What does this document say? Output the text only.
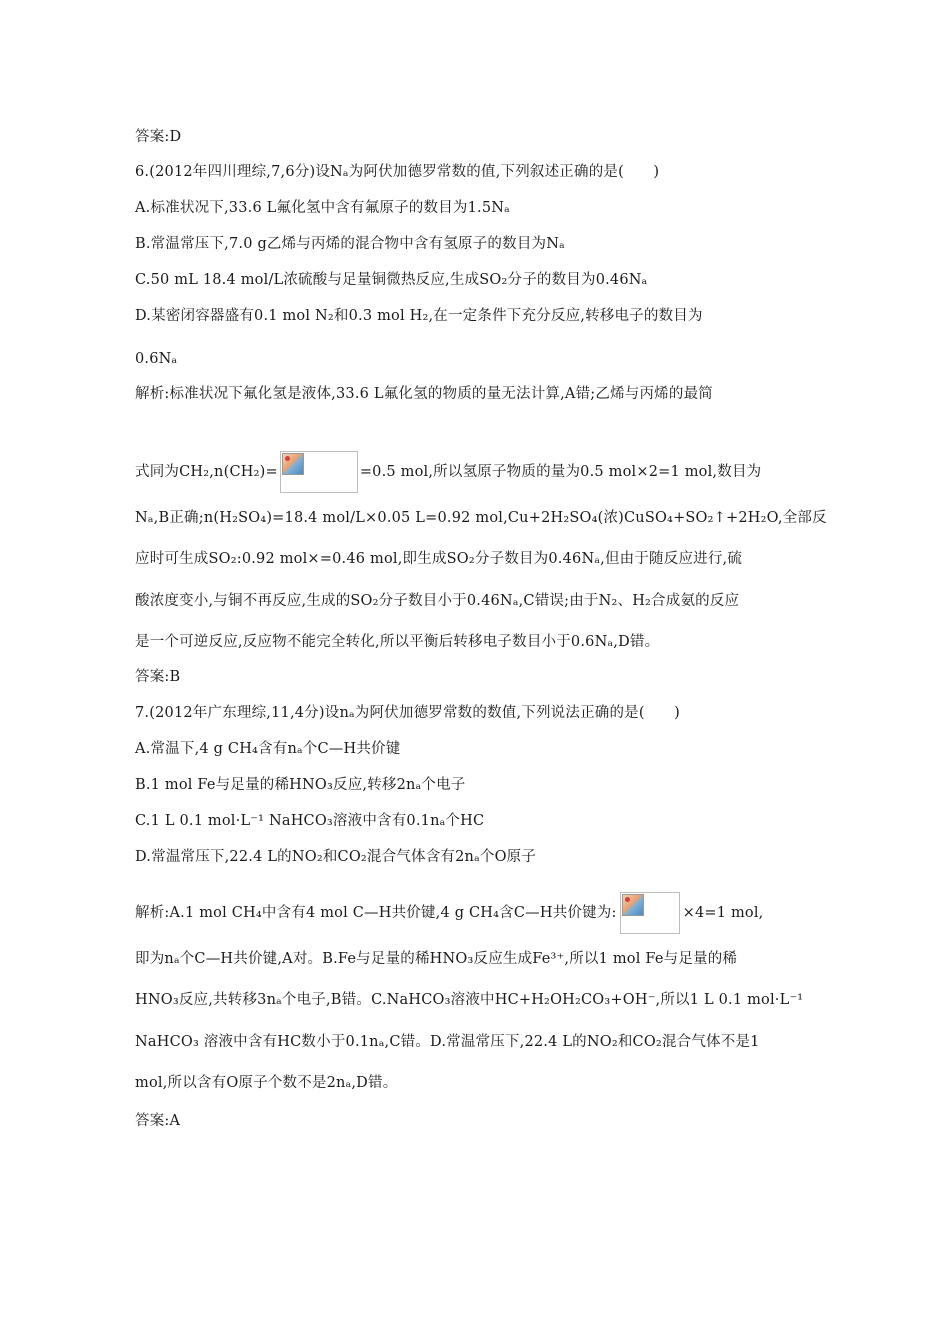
答案:D
6.(2012年四川理综,7,6分)设Nₐ为阿伏加德罗常数的值,下列叙述正确的是(　　)
A.标准状况下,33.6 L氟化氢中含有氟原子的数目为1.5Nₐ
B.常温常压下,7.0 g乙烯与丙烯的混合物中含有氢原子的数目为Nₐ
C.50 mL 18.4 mol/L浓硫酸与足量铜微热反应,生成SO₂分子的数目为0.46Nₐ
D.某密闭容器盛有0.1 mol N₂和0.3 mol H₂,在一定条件下充分反应,转移电子的数目为
0.6Nₐ
解析:标准状况下氟化氢是液体,33.6 L氟化氢的物质的量无法计算,A错;乙烯与丙烯的最简
式同为CH₂,n(CH₂)=	=0.5 mol,所以氢原子物质的量为0.5 mol×2=1 mol,数目为
Nₐ,B正确;n(H₂SO₄)=18.4 mol/L×0.05 L=0.92 mol,Cu+2H₂SO₄(浓)CuSO₄+SO₂↑+2H₂O,全部反
应时可生成SO₂:0.92 mol×=0.46 mol,即生成SO₂分子数目为0.46Nₐ,但由于随反应进行,硫
酸浓度变小,与铜不再反应,生成的SO₂分子数目小于0.46Nₐ,C错误;由于N₂、H₂合成氨的反应
是一个可逆反应,反应物不能完全转化,所以平衡后转移电子数目小于0.6Nₐ,D错。
答案:B
7.(2012年广东理综,11,4分)设nₐ为阿伏加德罗常数的数值,下列说法正确的是(　　)
A.常温下,4 g CH₄含有nₐ个C—H共价键
B.1 mol Fe与足量的稀HNO₃反应,转移2nₐ个电子
C.1 L 0.1 mol·L⁻¹ NaHCO₃溶液中含有0.1nₐ个HC
D.常温常压下,22.4 L的NO₂和CO₂混合气体含有2nₐ个O原子
解析:A.1 mol CH₄中含有4 mol C—H共价键,4 g CH₄含C—H共价键为:	×4=1 mol,
即为nₐ个C—H共价键,A对。B.Fe与足量的稀HNO₃反应生成Fe³⁺,所以1 mol Fe与足量的稀
HNO₃反应,共转移3nₐ个电子,B错。C.NaHCO₃溶液中HC+H₂OH₂CO₃+OH⁻,所以1 L 0.1 mol·L⁻¹
NaHCO₃ 溶液中含有HC数小于0.1nₐ,C错。D.常温常压下,22.4 L的NO₂和CO₂混合气体不是1
mol,所以含有O原子个数不是2nₐ,D错。
答案:A
